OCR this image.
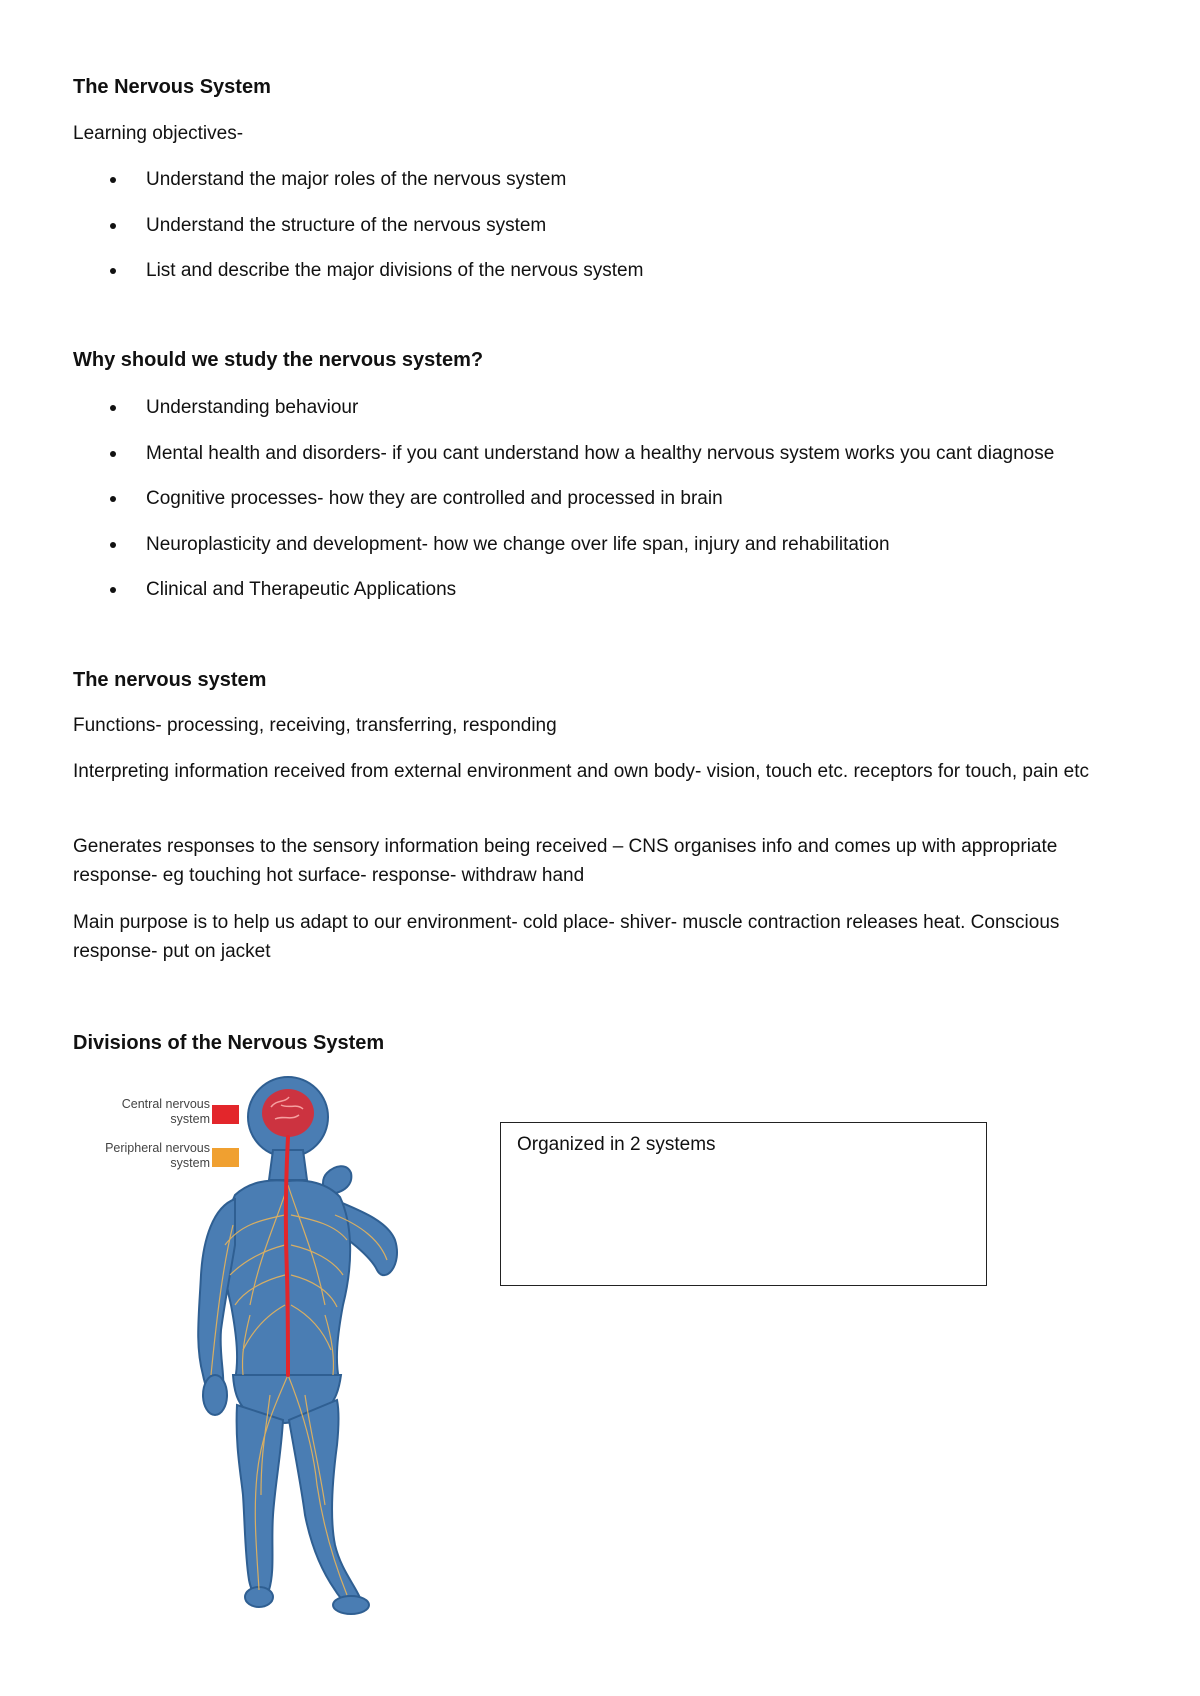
The Nervous System

Learning objectives-

Understand the major roles of the nervous system
Understand the structure of the nervous system
List and describe the major divisions of the nervous system
Why should we study the nervous system?
Understanding behaviour
Mental health and disorders- if you cant understand how a healthy nervous system works you cant diagnose
Cognitive processes- how they are controlled and processed in brain
Neuroplasticity and development- how we change over life span, injury and rehabilitation
Clinical and Therapeutic Applications
The nervous system

Functions- processing, receiving, transferring, responding

Interpreting information received from external environment and own body- vision, touch etc. receptors for touch, pain etc

Generates responses to the sensory information being received – CNS organises info and comes up with appropriate response- eg touching hot surface- response- withdraw hand

Main purpose is to help us adapt to our environment- cold place- shiver- muscle contraction releases heat. Conscious response- put on jacket

Divisions of the Nervous System
Central nervous system
Peripheral nervous system
Organized in 2 systems
